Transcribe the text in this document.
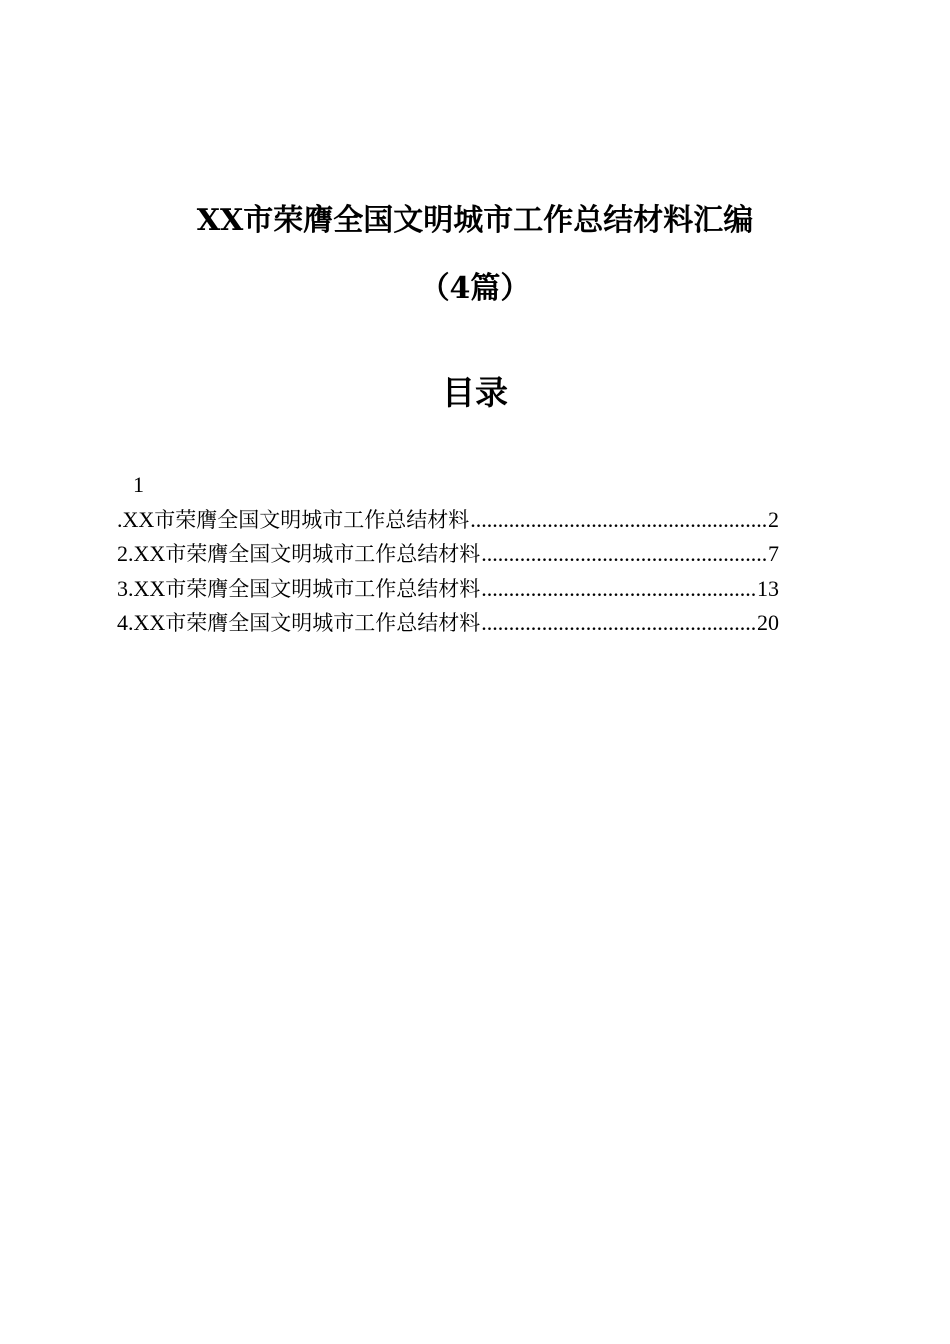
XX市荣膺全国文明城市工作总结材料汇编
（4篇）
目录
1
.XX 市荣膺全国文明城市工作总结材料 .....	2
2.XX 市荣膺全国文明城市工作总结材料 .....	7
3.XX 市荣膺全国文明城市工作总结材料 .....	13
4.XX 市荣膺全国文明城市工作总结材料 .....	20
